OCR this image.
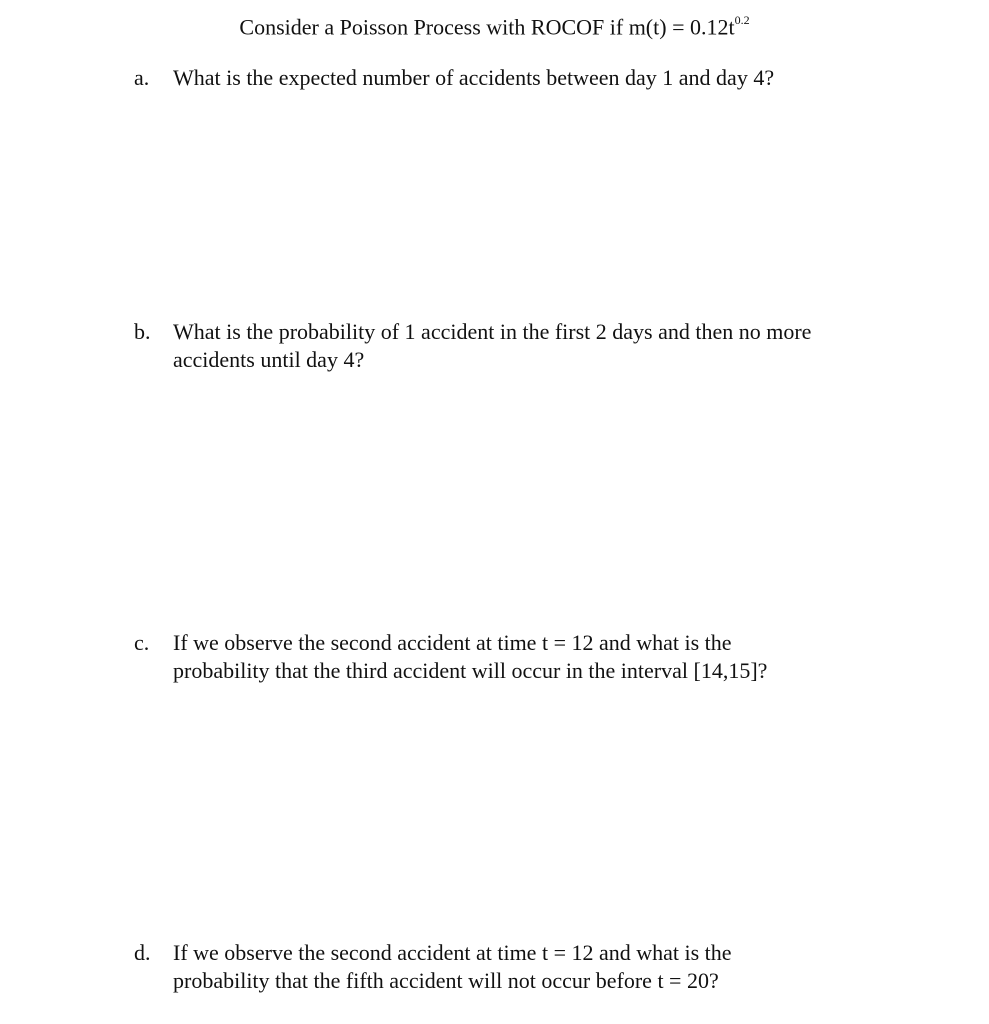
Consider a Poisson Process with ROCOF if $m(t) = 0.12t^{0.2}$
a.	What is the expected number of accidents between day 1 and day 4?
b.	What is the probability of 1 accident in the first 2 days and then no more
accidents until day 4?
c.	If we observe the second accident at time t = 12 and what is the
probability that the third accident will occur in the interval [14,15]?
d.	If we observe the second accident at time t = 12 and what is the
probability that the fifth accident will not occur before t = 20?
